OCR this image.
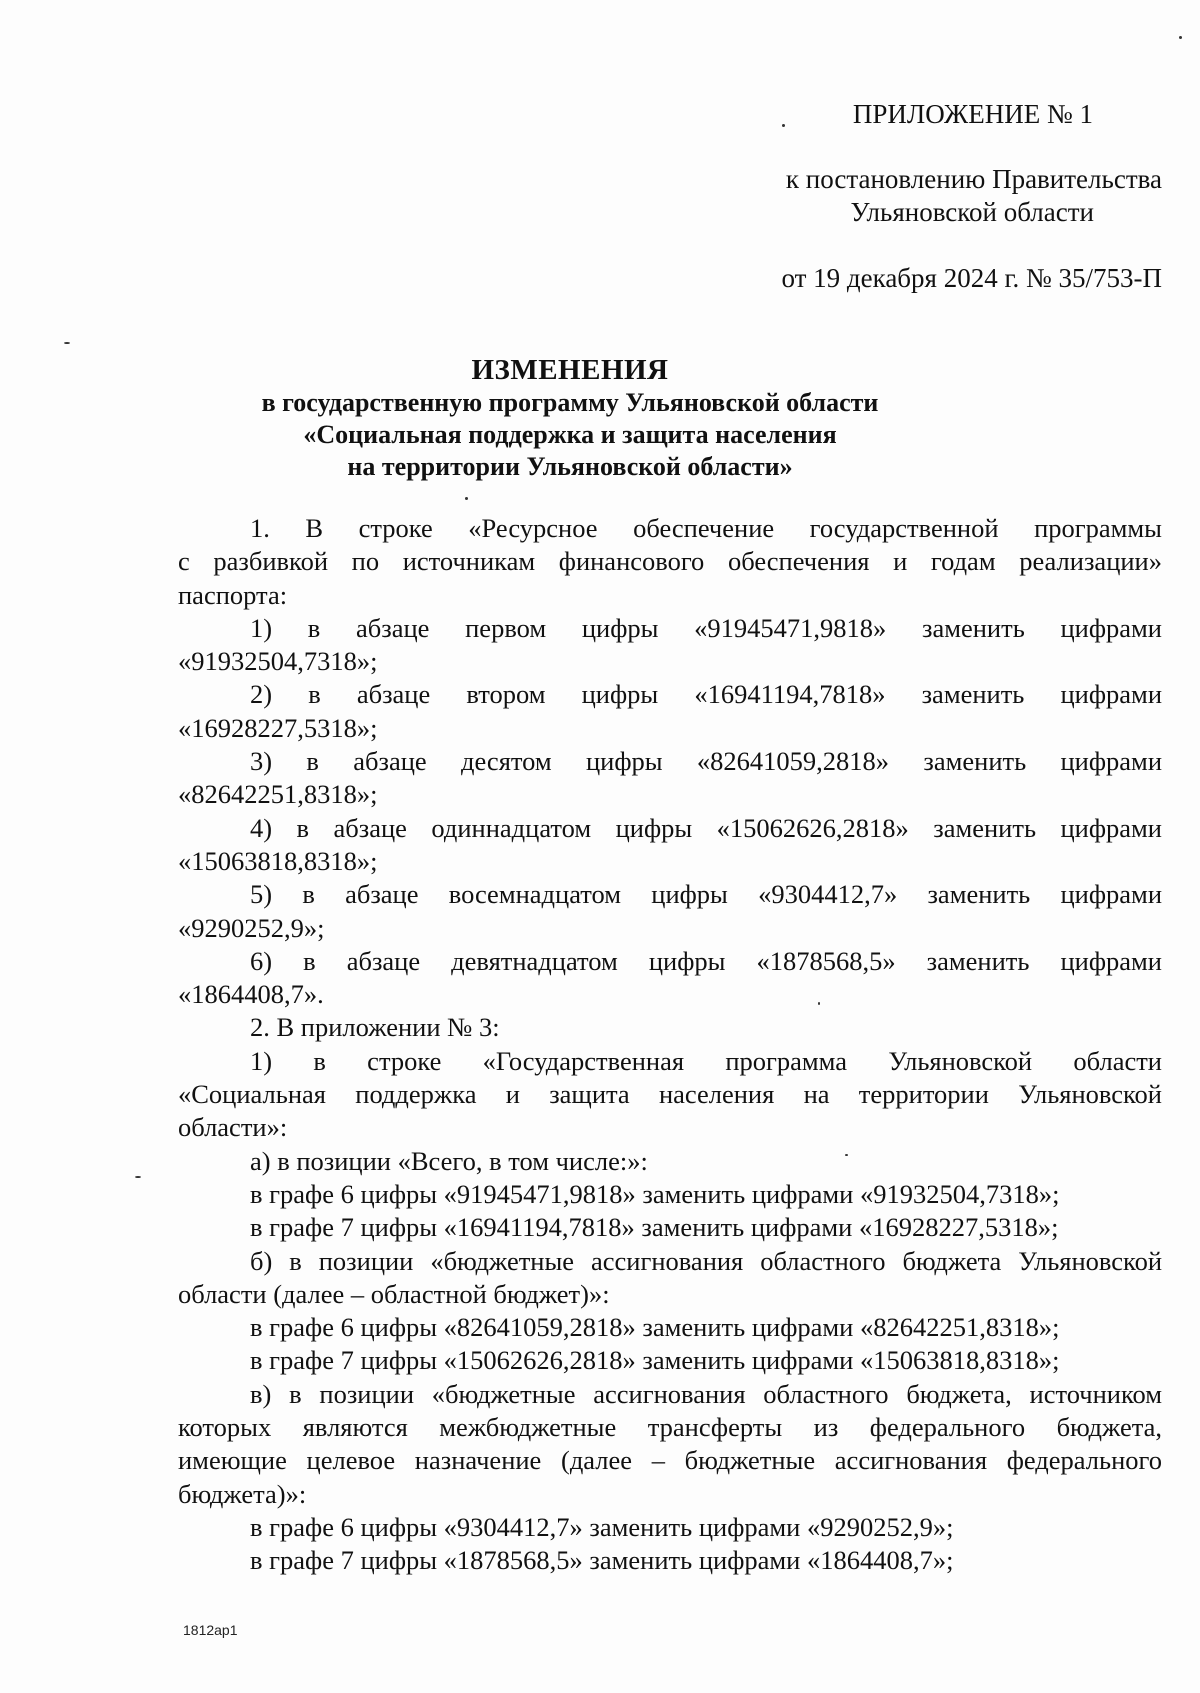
ПРИЛОЖЕНИЕ № 1
к постановлению Правительства
Ульяновской области
от 19 декабря 2024 г. № 35/753-П
ИЗМЕНЕНИЯ
в государственную программу Ульяновской области
«Социальная поддержка и защита населения
на территории Ульяновской области»
1. В строке «Ресурсное обеспечение государственной программы
с разбивкой по источникам финансового обеспечения и годам реализации»
паспорта:
1) в абзаце первом цифры «91945471,9818» заменить цифрами
«91932504,7318»;
2) в абзаце втором цифры «16941194,7818» заменить цифрами
«16928227,5318»;
3) в абзаце десятом цифры «82641059,2818» заменить цифрами
«82642251,8318»;
4) в абзаце одиннадцатом цифры «15062626,2818» заменить цифрами
«15063818,8318»;
5) в абзаце восемнадцатом цифры «9304412,7» заменить цифрами
«9290252,9»;
6) в абзаце девятнадцатом цифры «1878568,5» заменить цифрами
«1864408,7».
2. В приложении № 3:
1) в строке «Государственная программа Ульяновской области
«Социальная поддержка и защита населения на территории Ульяновской
области»:
а) в позиции «Всего, в том числе:»:
в графе 6 цифры «91945471,9818» заменить цифрами «91932504,7318»;
в графе 7 цифры «16941194,7818» заменить цифрами «16928227,5318»;
б) в позиции «бюджетные ассигнования областного бюджета Ульяновской
области (далее – областной бюджет)»:
в графе 6 цифры «82641059,2818» заменить цифрами «82642251,8318»;
в графе 7 цифры «15062626,2818» заменить цифрами «15063818,8318»;
в) в позиции «бюджетные ассигнования областного бюджета, источником
которых являются межбюджетные трансферты из федерального бюджета,
имеющие целевое назначение (далее – бюджетные ассигнования федерального
бюджета)»:
в графе 6 цифры «9304412,7» заменить цифрами «9290252,9»;
в графе 7 цифры «1878568,5» заменить цифрами «1864408,7»;
1812ap1
